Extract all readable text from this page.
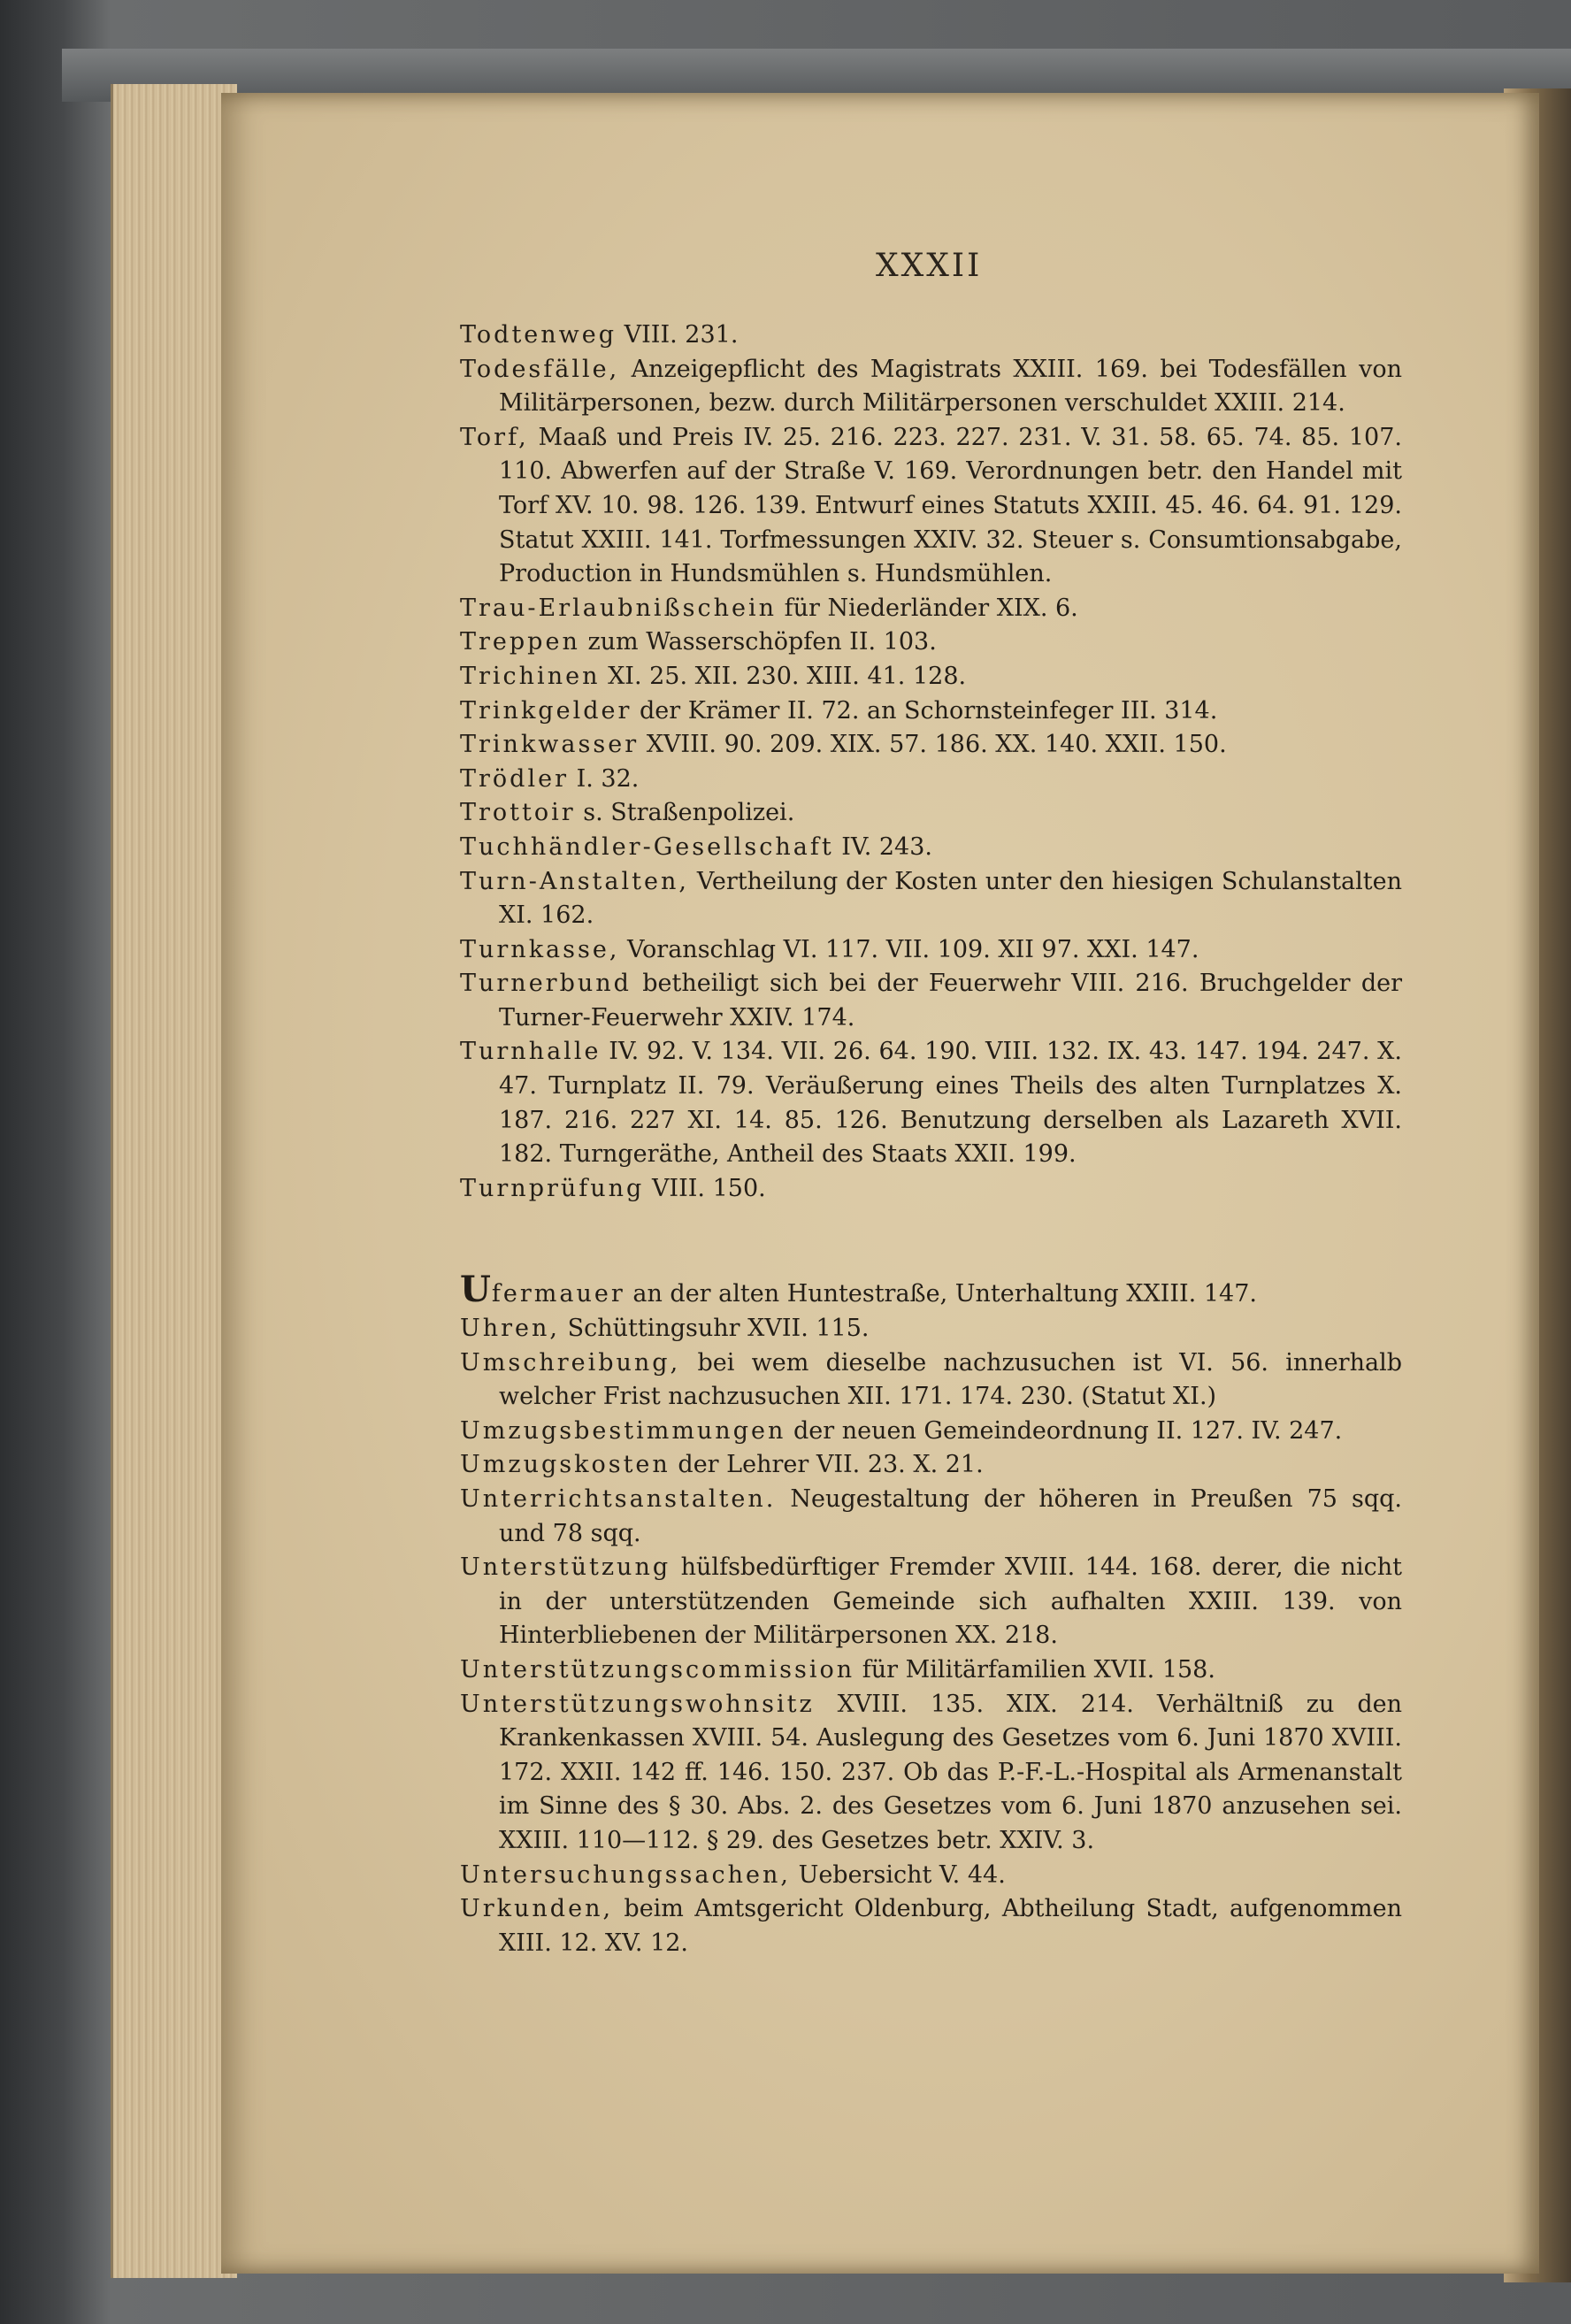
XXXII

Todtenweg VIII. 231.

Todesfälle, Anzeigepflicht des Magistrats XXIII. 169. bei Todesfällen von Militärpersonen, bezw. durch Militärpersonen verschuldet XXIII. 214.

Torf, Maaß und Preis IV. 25. 216. 223. 227. 231. V. 31. 58. 65. 74. 85. 107. 110. Abwerfen auf der Straße V. 169. Verordnungen betr. den Handel mit Torf XV. 10. 98. 126. 139. Entwurf eines Statuts XXIII. 45. 46. 64. 91. 129. Statut XXIII. 141. Torfmessungen XXIV. 32. Steuer s. Consumtionsabgabe, Production in Hundsmühlen s. Hundsmühlen.

Trau-Erlaubnißschein für Niederländer XIX. 6.

Treppen zum Wasserschöpfen II. 103.

Trichinen XI. 25. XII. 230. XIII. 41. 128.

Trinkgelder der Krämer II. 72. an Schornsteinfeger III. 314.

Trinkwasser XVIII. 90. 209. XIX. 57. 186. XX. 140. XXII. 150.

Trödler I. 32.

Trottoir s. Straßenpolizei.

Tuchhändler-Gesellschaft IV. 243.

Turn-Anstalten, Vertheilung der Kosten unter den hiesigen Schulanstalten XI. 162.

Turnkasse, Voranschlag VI. 117. VII. 109. XII 97. XXI. 147.

Turnerbund betheiligt sich bei der Feuerwehr VIII. 216. Bruchgelder der Turner-Feuerwehr XXIV. 174.

Turnhalle IV. 92. V. 134. VII. 26. 64. 190. VIII. 132. IX. 43. 147. 194. 247. X. 47. Turnplatz II. 79. Veräußerung eines Theils des alten Turnplatzes X. 187. 216. 227 XI. 14. 85. 126. Benutzung derselben als Lazareth XVII. 182. Turngeräthe, Antheil des Staats XXII. 199.

Turnprüfung VIII. 150.

Ufermauer an der alten Huntestraße, Unterhaltung XXIII. 147.

Uhren, Schüttingsuhr XVII. 115.

Umschreibung, bei wem dieselbe nachzusuchen ist VI. 56. innerhalb welcher Frist nachzusuchen XII. 171. 174. 230. (Statut XI.)

Umzugsbestimmungen der neuen Gemeindeordnung II. 127. IV. 247.

Umzugskosten der Lehrer VII. 23. X. 21.

Unterrichtsanstalten. Neugestaltung der höheren in Preußen 75 sqq. und 78 sqq.

Unterstützung hülfsbedürftiger Fremder XVIII. 144. 168. derer, die nicht in der unterstützenden Gemeinde sich aufhalten XXIII. 139. von Hinterbliebenen der Militärpersonen XX. 218.

Unterstützungscommission für Militärfamilien XVII. 158.

Unterstützungswohnsitz XVIII. 135. XIX. 214. Verhältniß zu den Krankenkassen XVIII. 54. Auslegung des Gesetzes vom 6. Juni 1870 XVIII. 172. XXII. 142 ff. 146. 150. 237. Ob das P.-F.-L.-Hospital als Armenanstalt im Sinne des § 30. Abs. 2. des Gesetzes vom 6. Juni 1870 anzusehen sei. XXIII. 110—112. § 29. des Gesetzes betr. XXIV. 3.

Untersuchungssachen, Uebersicht V. 44.

Urkunden, beim Amtsgericht Oldenburg, Abtheilung Stadt, aufgenommen XIII. 12. XV. 12.
